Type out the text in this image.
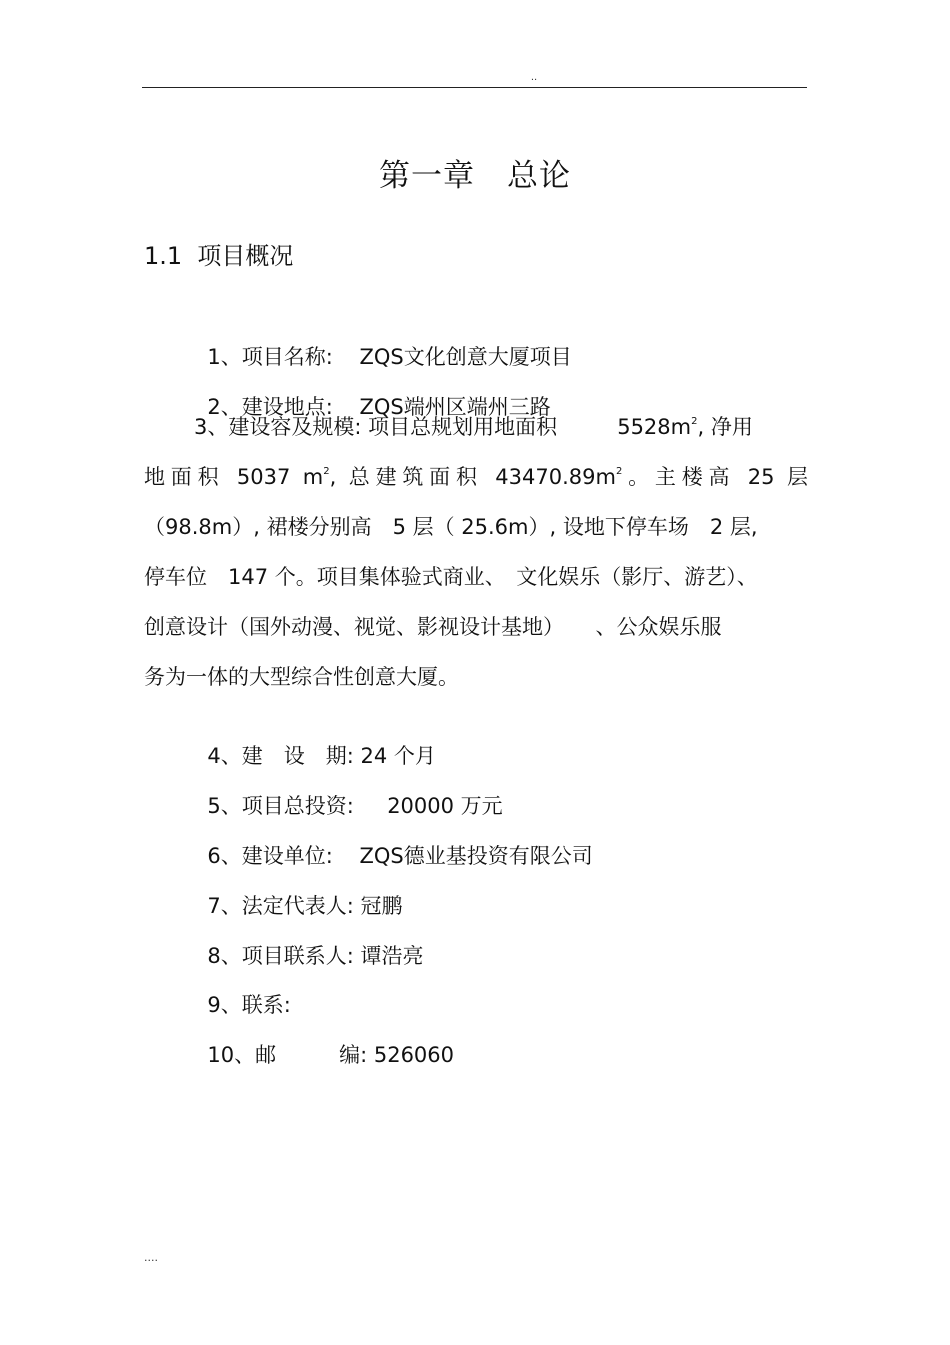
..
第一章　总论
1.1  项目概况

1、项目名称: ZQS文化创意大厦项目

2、建设地点: ZQS端州区端州三路

3、建设容及规模: 项目总规划用地面积	$5528m^2$, 净用
地面积 5037 $m^2$, 总建筑面积 $43470.89m^2$。主楼高 25 层
（98.8m）, 裙楼分别高　5 层（ 25.6m）, 设地下停车场　2 层,
停车位　147 个。项目集体验式商业、　文化娱乐（影厅、游艺）、
创意设计（国外动漫、视觉、影视设计基地）　　、公众娱乐服
务为一体的大型综合性创意大厦。

4、建　设　期: 24 个月

5、项目总投资: 20000 万元

6、建设单位: ZQS德业基投资有限公司

7、法定代表人: 冠鹏

8、项目联系人: 谭浩亮

9、联系:

10、邮　　　编: 526060

....
